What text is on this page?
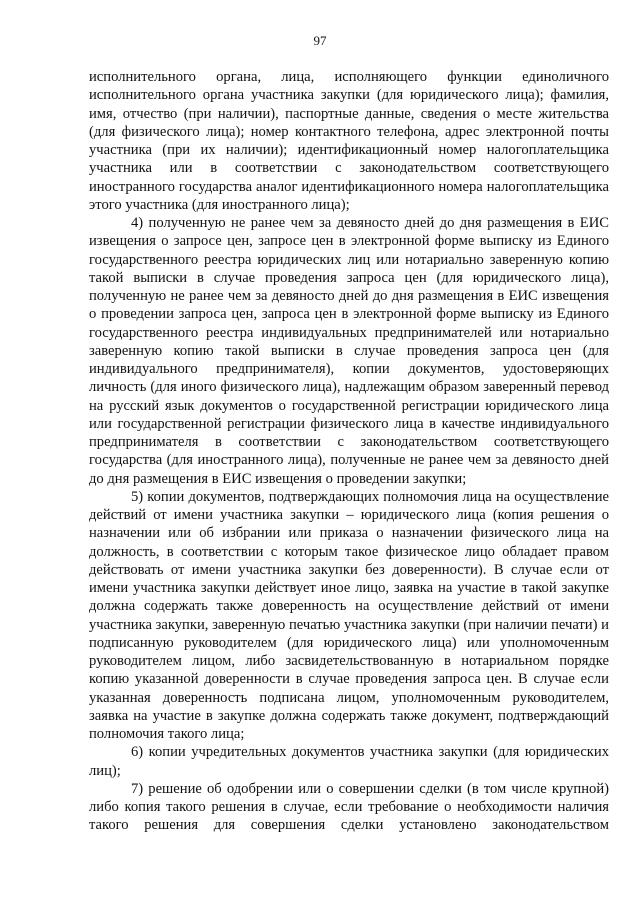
97

исполнительного органа, лица, исполняющего функции единоличного исполнительного органа участника закупки (для юридического лица); фамилия, имя, отчество (при наличии), паспортные данные, сведения о месте жительства (для физического лица); номер контактного телефона, адрес электронной почты участника (при их наличии); идентификационный номер налогоплательщика участника или в соответствии с законодательством соответствующего иностранного государства аналог идентификационного номера налогоплательщика этого участника (для иностранного лица);

4) полученную не ранее чем за девяносто дней до дня размещения в ЕИС извещения о запросе цен, запросе цен в электронной форме выписку из Единого государственного реестра юридических лиц или нотариально заверенную копию такой выписки в случае проведения запроса цен (для юридического лица), полученную не ранее чем за девяносто дней до дня размещения в ЕИС извещения о проведении запроса цен, запроса цен в электронной форме выписку из Единого государственного реестра индивидуальных предпринимателей или нотариально заверенную копию такой выписки в случае проведения запроса цен (для индивидуального предпринимателя), копии документов, удостоверяющих личность (для иного физического лица), надлежащим образом заверенный перевод на русский язык документов о государственной регистрации юридического лица или государственной регистрации физического лица в качестве индивидуального предпринимателя в соответствии с законодательством соответствующего государства (для иностранного лица), полученные не ранее чем за девяносто дней до дня размещения в ЕИС извещения о проведении закупки;

5) копии документов, подтверждающих полномочия лица на осуществление действий от имени участника закупки – юридического лица (копия решения о назначении или об избрании или приказа о назначении физического лица на должность, в соответствии с которым такое физическое лицо обладает правом действовать от имени участника закупки без доверенности). В случае если от имени участника закупки действует иное лицо, заявка на участие в такой закупке должна содержать также доверенность на осуществление действий от имени участника закупки, заверенную печатью участника закупки (при наличии печати) и подписанную руководителем (для юридического лица) или уполномоченным руководителем лицом, либо засвидетельствованную в нотариальном порядке копию указанной доверенности в случае проведения запроса цен. В случае если указанная доверенность подписана лицом, уполномоченным руководителем, заявка на участие в закупке должна содержать также документ, подтверждающий полномочия такого лица;

6) копии учредительных документов участника закупки (для юридических лиц);

7) решение об одобрении или о совершении сделки (в том числе крупной) либо копия такого решения в случае, если требование о необходимости наличия такого решения для совершения сделки установлено законодательством
